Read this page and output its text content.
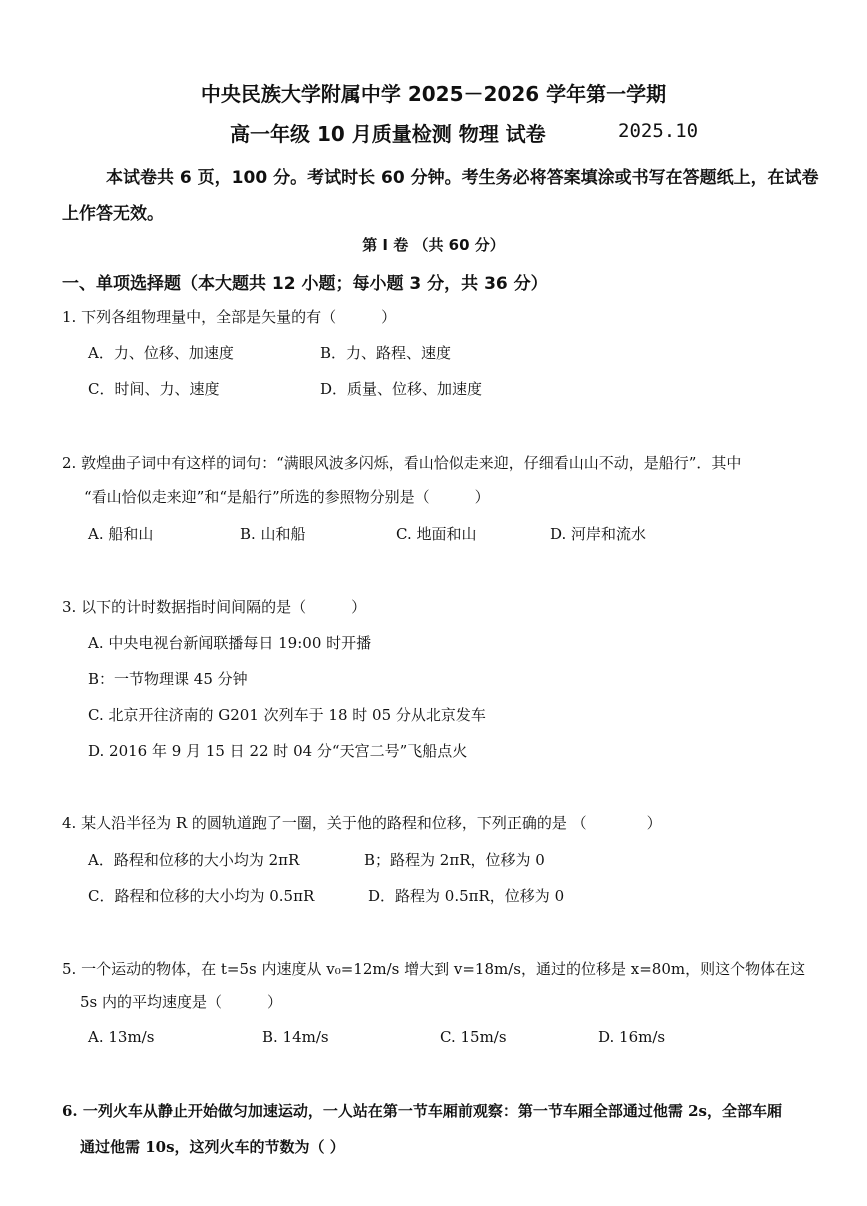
中央民族大学附属中学 2025－2026 学年第一学期
高一年级 10 月质量检测 物理 试卷	2025.10
本试卷共 6 页，100 分。考试时长 60 分钟。考生务必将答案填涂或书写在答题纸上，在试卷上作答无效。
第 I 卷 （共 60 分）
一、单项选择题（本大题共 12 小题；每小题 3 分，共 36 分）
1. 下列各组物理量中，全部是矢量的有（　　　）
A．力、位移、加速度	B．力、路程、速度
C．时间、力、速度	D．质量、位移、加速度
2. 敦煌曲子词中有这样的词句：“满眼风波多闪烁，看山恰似走来迎，仔细看山山不动，是船行”．其中
“看山恰似走来迎”和“是船行”所选的参照物分别是（　　　）
A. 船和山	B. 山和船	C. 地面和山	D. 河岸和流水
3. 以下的计时数据指时间间隔的是（　　　）
A. 中央电视台新闻联播每日 19:00 时开播
B：一节物理课 45 分钟
C. 北京开往济南的 G201 次列车于 18 时 05 分从北京发车
D. 2016 年 9 月 15 日 22 时 04 分“天宫二号”飞船点火
4. 某人沿半径为 R 的圆轨道跑了一圈，关于他的路程和位移，下列正确的是 （　　　　）
A．路程和位移的大小均为 2πR	B；路程为 2πR，位移为 0
C．路程和位移的大小均为 0.5πR	D．路程为 0.5πR，位移为 0
5. 一个运动的物体，在 t=5s 内速度从 v₀=12m/s 增大到 v=18m/s，通过的位移是 x=80m，则这个物体在这
5s 内的平均速度是（　　　）
A. 13m/s	B. 14m/s	C. 15m/s	D. 16m/s
6. 一列火车从静止开始做匀加速运动，一人站在第一节车厢前观察：第一节车厢全部通过他需 2s，全部车厢
通过他需 10s，这列火车的节数为（ ）
